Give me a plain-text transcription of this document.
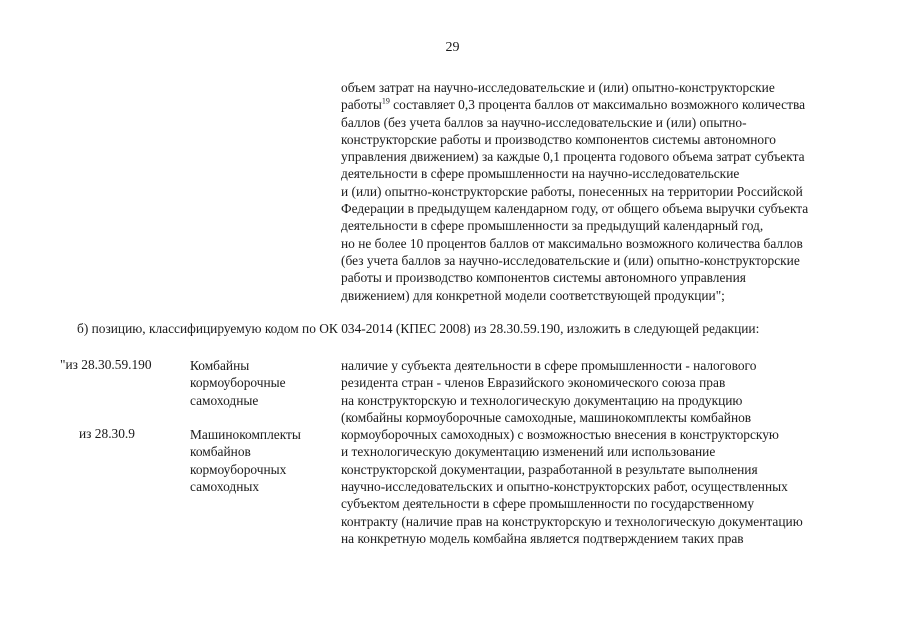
29
объем затрат на научно-исследовательские и (или) опытно-конструкторские
работы$^{19}$ составляет 0,3 процента баллов от максимально возможного количества
баллов (без учета баллов за научно-исследовательские и (или) опытно-
конструкторские работы и производство компонентов системы автономного
управления движением) за каждые 0,1 процента годового объема затрат субъекта
деятельности в сфере промышленности на научно-исследовательские
и (или) опытно-конструкторские работы, понесенных на территории Российской
Федерации в предыдущем календарном году, от общего объема выручки субъекта
деятельности в сфере промышленности за предыдущий календарный год,
но не более 10 процентов баллов от максимально возможного количества баллов
(без учета баллов за научно-исследовательские и (или) опытно-конструкторские
работы и производство компонентов системы автономного управления
движением) для конкретной модели соответствующей продукции";
б) позицию, классифицируемую кодом по ОК 034-2014 (КПЕС 2008) из 28.30.59.190, изложить в следующей редакции:
"из 28.30.59.190	Комбайны
кормоуборочные
самоходные
из 28.30.9	Машинокомплекты
комбайнов
кормоуборочных
самоходных
наличие у субъекта деятельности в сфере промышленности - налогового
резидента стран - членов Евразийского экономического союза прав
на конструкторскую и технологическую документацию на продукцию
(комбайны кормоуборочные самоходные, машинокомплекты комбайнов
кормоуборочных самоходных) с возможностью внесения в конструкторскую
и технологическую документацию изменений или использование
конструкторской документации, разработанной в результате выполнения
научно-исследовательских и опытно-конструкторских работ, осуществленных
субъектом деятельности в сфере промышленности по государственному
контракту (наличие прав на конструкторскую и технологическую документацию
на конкретную модель комбайна является подтверждением таких прав
